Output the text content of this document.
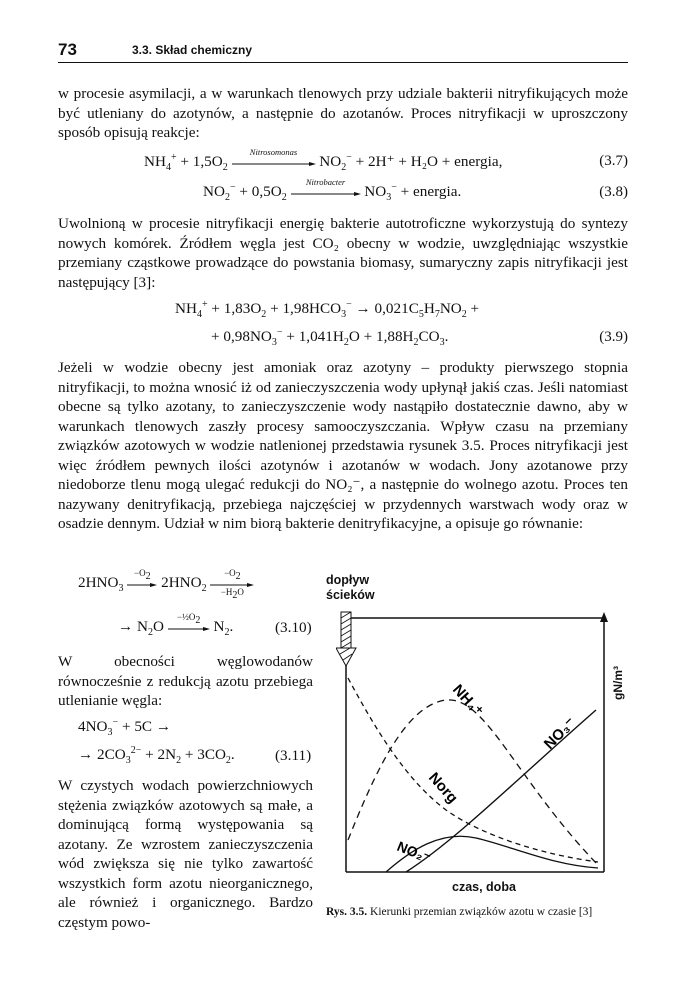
73	3.3. Skład chemiczny

w procesie asymilacji, a w warunkach tlenowych przy udziale bakterii nitryfikujących może być utleniany do azotynów, a następnie do azotanów. Proces nitryfikacji w uproszczony sposób opisują reakcje:

$NH_4^+ + 1,5O_2$
Nitrosomonas
$NO_2^- + 2H^+ + H_2O$ + energia,	(3.7)
$NO_2^- + 0,5O_2$
Nitrobacter
$NO_3^-$ + energia.	(3.8)

Uwolnioną w procesie nitryfikacji energię bakterie autotroficzne wykorzystują do syntezy nowych komórek. Źródłem węgla jest CO₂ obecny w wodzie, uwzględniając wszystkie przemiany cząstkowe prowadzące do powstania biomasy, sumaryczny zapis nitryfikacji jest następujący [3]:

$NH_4^+ + 1,83O_2 + 1,98HCO_3^- \to 0,021C_5H_7NO_2$ +
+ $0,98NO_3^- + 1,041H_2O + 1,88H_2CO_3$.	(3.9)

Jeżeli w wodzie obecny jest amoniak oraz azotyny – produkty pierwszego stopnia nitryfikacji, to można wnosić iż od zanieczyszczenia wody upłynął jakiś czas. Jeśli natomiast obecne są tylko azotany, to zanieczyszczenie wody nastąpiło dostatecznie dawno, aby w warunkach tlenowych zaszły procesy samooczyszczania. Wpływ czasu na przemiany związków azotowych w wodzie natlenionej przedstawia rysunek 3.5. Proces nitryfikacji jest więc źródłem pewnych ilości azotynów i azotanów w wodach. Jony azotanowe przy niedoborze tlenu mogą ulegać redukcji do NO₂⁻, a następnie do wolnego azotu. Proces ten nazywany denitryfikacją, przebiega najczęściej w przydennych warstwach wody oraz w osadzie dennym. Udział w nim biorą bakterie denitryfikacyjne, a opisuje go równanie:

$2HNO_3$
$-O_2$ $2HNO_2$
$-O_2$
$-H_2O$
→ $N_2O$
$-\frac{1}{2}O_2$ $N_2$.	(3.10)

W obecności węglowodanów równocześnie z redukcją azotu przebiega utlenianie węgla:

$4NO_3^- + 5C$ →
→ $2CO_3^{2-} + 2N_2 + 3CO_2$.	(3.11)

W czystych wodach powierzchniowych stężenia związków azotowych są małe, a dominującą formą występowania są azotany. Ze wzrostem zanieczyszczenia wód zwiększa się nie tylko zawartość wszystkich form azotu nieorganicznego, ale również i organicznego. Bardzo częstym powo-

dopływ
ścieków
NH₄⁺
NO₃⁻
Norg
NO₂⁻
gN/m³
czas, doba
Rys. 3.5. Kierunki przemian związków azotu w czasie [3]
